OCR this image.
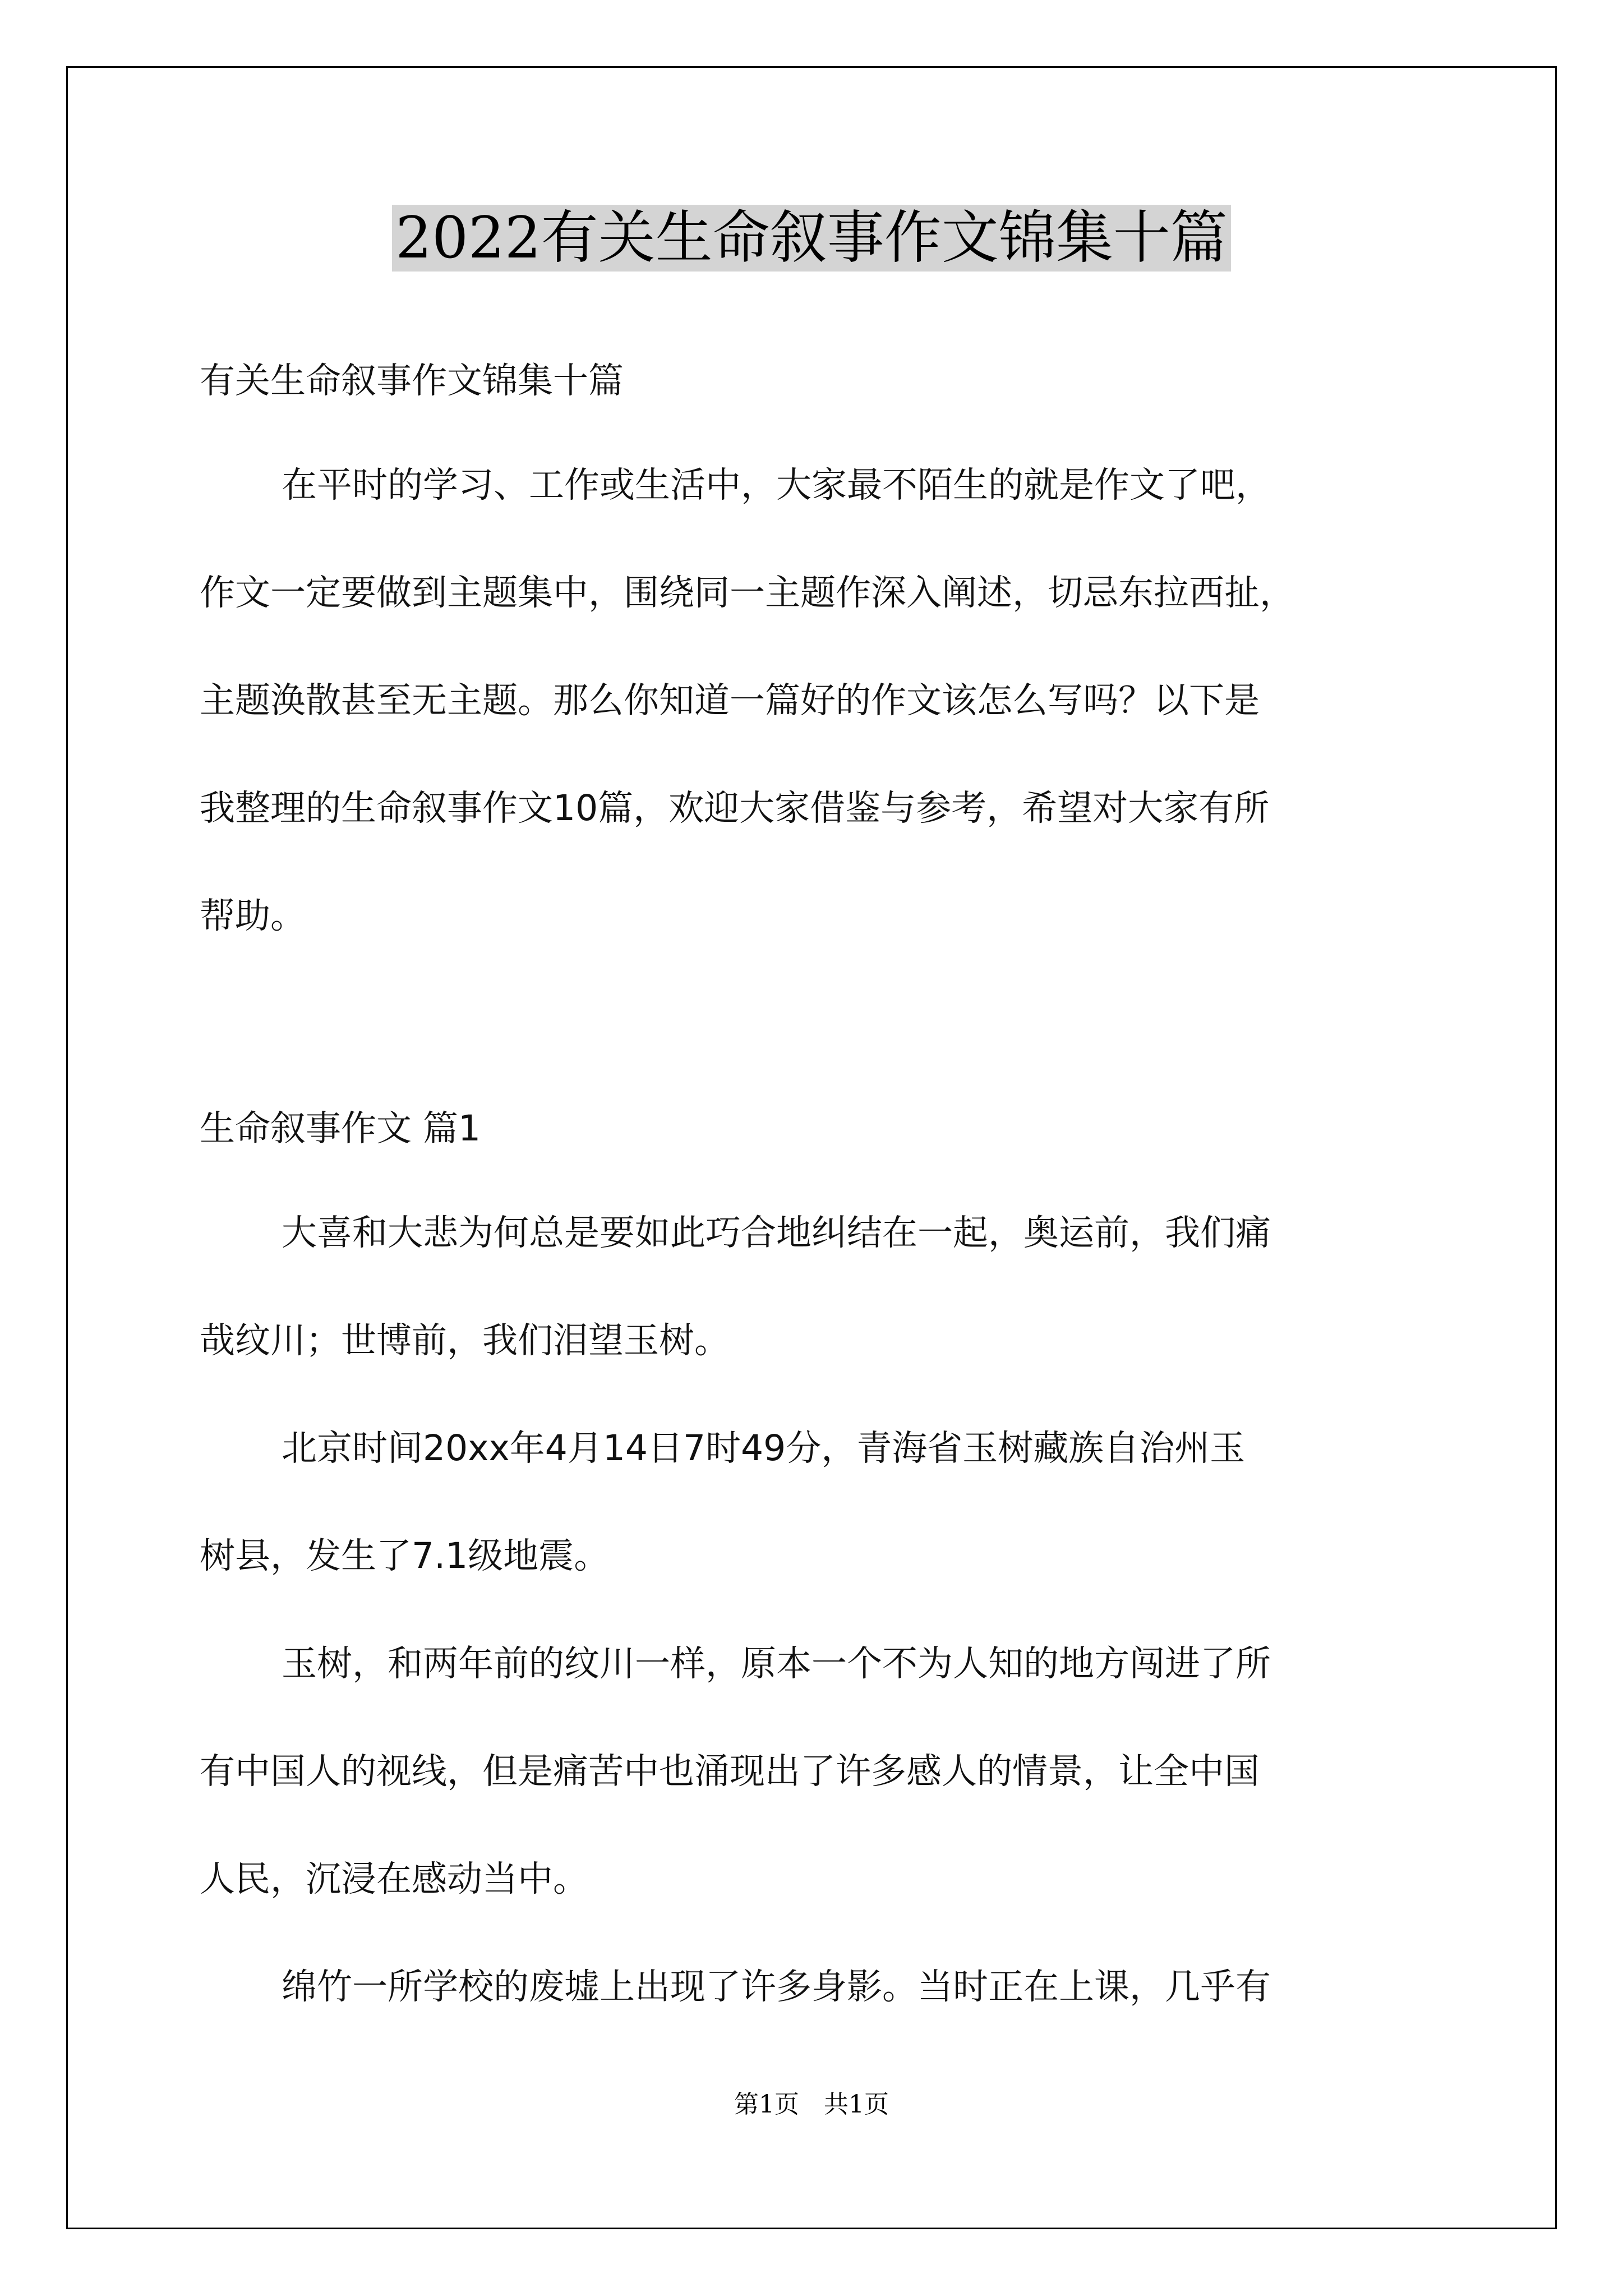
2022有关生命叙事作文锦集十篇
有关生命叙事作文锦集十篇
在平时的学习、工作或生活中，大家最不陌生的就是作文了吧，
作文一定要做到主题集中，围绕同一主题作深入阐述，切忌东拉西扯，
主题涣散甚至无主题。那么你知道一篇好的作文该怎么写吗？以下是
我整理的生命叙事作文10篇，欢迎大家借鉴与参考，希望对大家有所
帮助。
生命叙事作文 篇1
大喜和大悲为何总是要如此巧合地纠结在一起，奥运前，我们痛
哉纹川；世博前，我们泪望玉树。
北京时间20xx年4月14日7时49分，青海省玉树藏族自治州玉
树县，发生了7.1级地震。
玉树，和两年前的纹川一样，原本一个不为人知的地方闯进了所
有中国人的视线，但是痛苦中也涌现出了许多感人的情景，让全中国
人民，沉浸在感动当中。
绵竹一所学校的废墟上出现了许多身影。当时正在上课，几乎有
第1页　共1页
